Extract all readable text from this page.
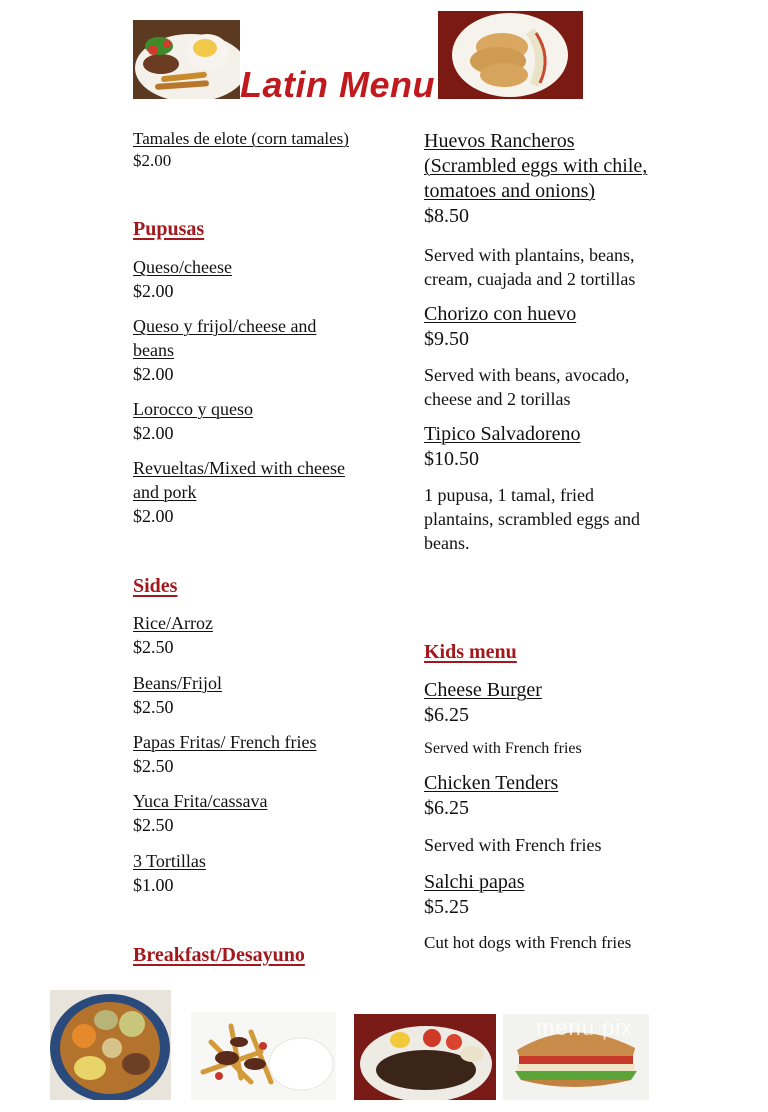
Latin Menu
Tamales de elote (corn tamales)
$2.00
Pupusas
Queso/cheese
$2.00
Queso y frijol/cheese and
beans
$2.00
Lorocco y queso
$2.00
Revueltas/Mixed with cheese
and pork
$2.00
Sides
Rice/Arroz
$2.50
Beans/Frijol
$2.50
Papas Fritas/ French fries
$2.50
Yuca Frita/cassava
$2.50
3 Tortillas
$1.00
Breakfast/Desayuno
Huevos Rancheros
(Scrambled eggs with chile,
tomatoes and onions)
$8.50
Served with plantains, beans,
cream, cuajada and 2 tortillas
Chorizo con huevo
$9.50
Served with beans, avocado,
cheese and 2 torillas
Tipico Salvadoreno
$10.50
1 pupusa, 1 tamal, fried
plantains, scrambled eggs and
beans.
Kids menu
Cheese Burger
$6.25
Served with French fries
Chicken Tenders
$6.25
Served with French fries
Salchi papas
$5.25
Cut hot dogs with French fries
menu pix
